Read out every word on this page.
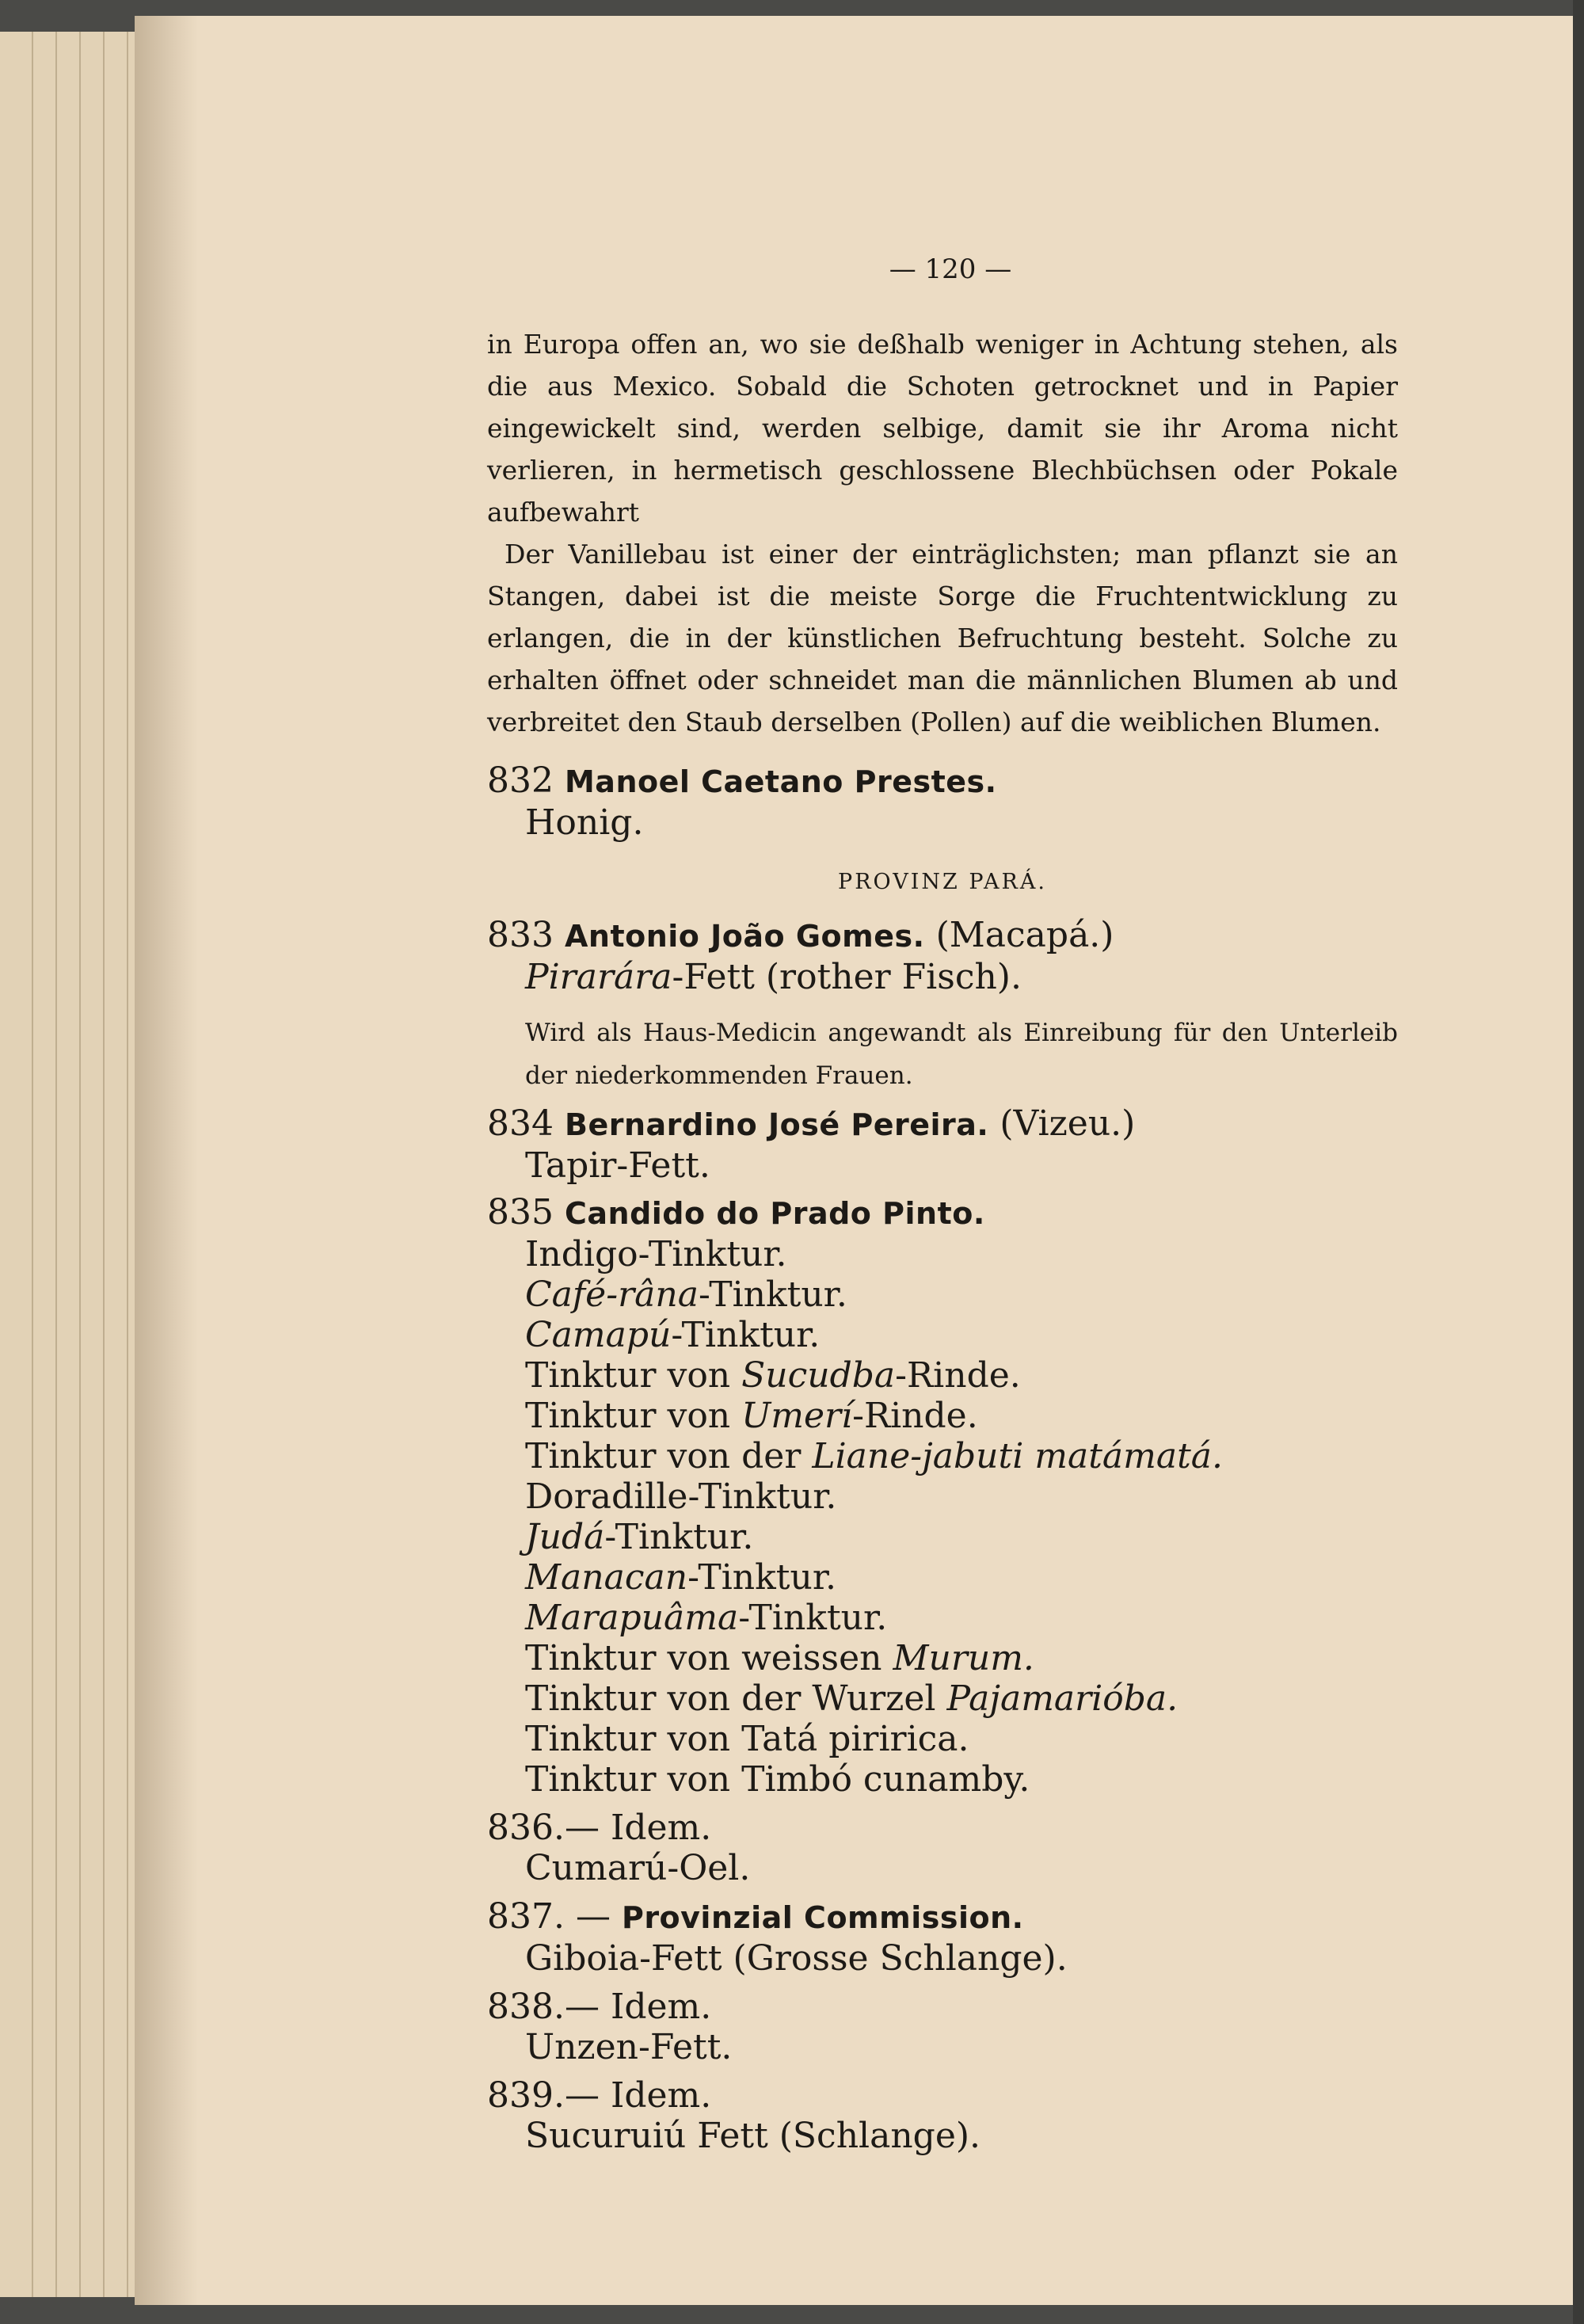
— 120 —

in Europa offen an, wo sie deßhalb weniger in Achtung stehen, als die aus Mexico. Sobald die Schoten getrocknet und in Papier eingewickelt sind, werden selbige, damit sie ihr Aroma nicht verlieren, in hermetisch geschlossene Blechbüchsen oder Pokale aufbewahrt

Der Vanillebau ist einer der einträglichsten; man pflanzt sie an Stangen, dabei ist die meiste Sorge die Fruchtentwicklung zu erlangen, die in der künstlichen Befruchtung besteht. Solche zu erhalten öffnet oder schneidet man die männlichen Blumen ab und verbreitet den Staub derselben (Pollen) auf die weiblichen Blumen.

832 Manoel Caetano Prestes.
Honig.
PROVINZ PARÁ.
833 Antonio João Gomes. (Macapá.)
Pirarára-Fett (rother Fisch).
Wird als Haus-Medicin angewandt als Einreibung für den Unterleib der niederkommenden Frauen.
834 Bernardino José Pereira. (Vizeu.)
Tapir-Fett.
835 Candido do Prado Pinto.
Indigo-Tinktur.
Café-râna-Tinktur.
Camapú-Tinktur.
Tinktur von Sucudba-Rinde.
Tinktur von Umerí-Rinde.
Tinktur von der Liane-jabuti matámatá.
Doradille-Tinktur.
Judá-Tinktur.
Manacan-Tinktur.
Marapuâma-Tinktur.
Tinktur von weissen Murum.
Tinktur von der Wurzel Pajamarióba.
Tinktur von Tatá piririca.
Tinktur von Timbó cunamby.
836.— Idem.
Cumarú-Oel.
837. — Provinzial Commission.
Giboia-Fett (Grosse Schlange).
838.— Idem.
Unzen-Fett.
839.— Idem.
Sucuruiú Fett (Schlange).
